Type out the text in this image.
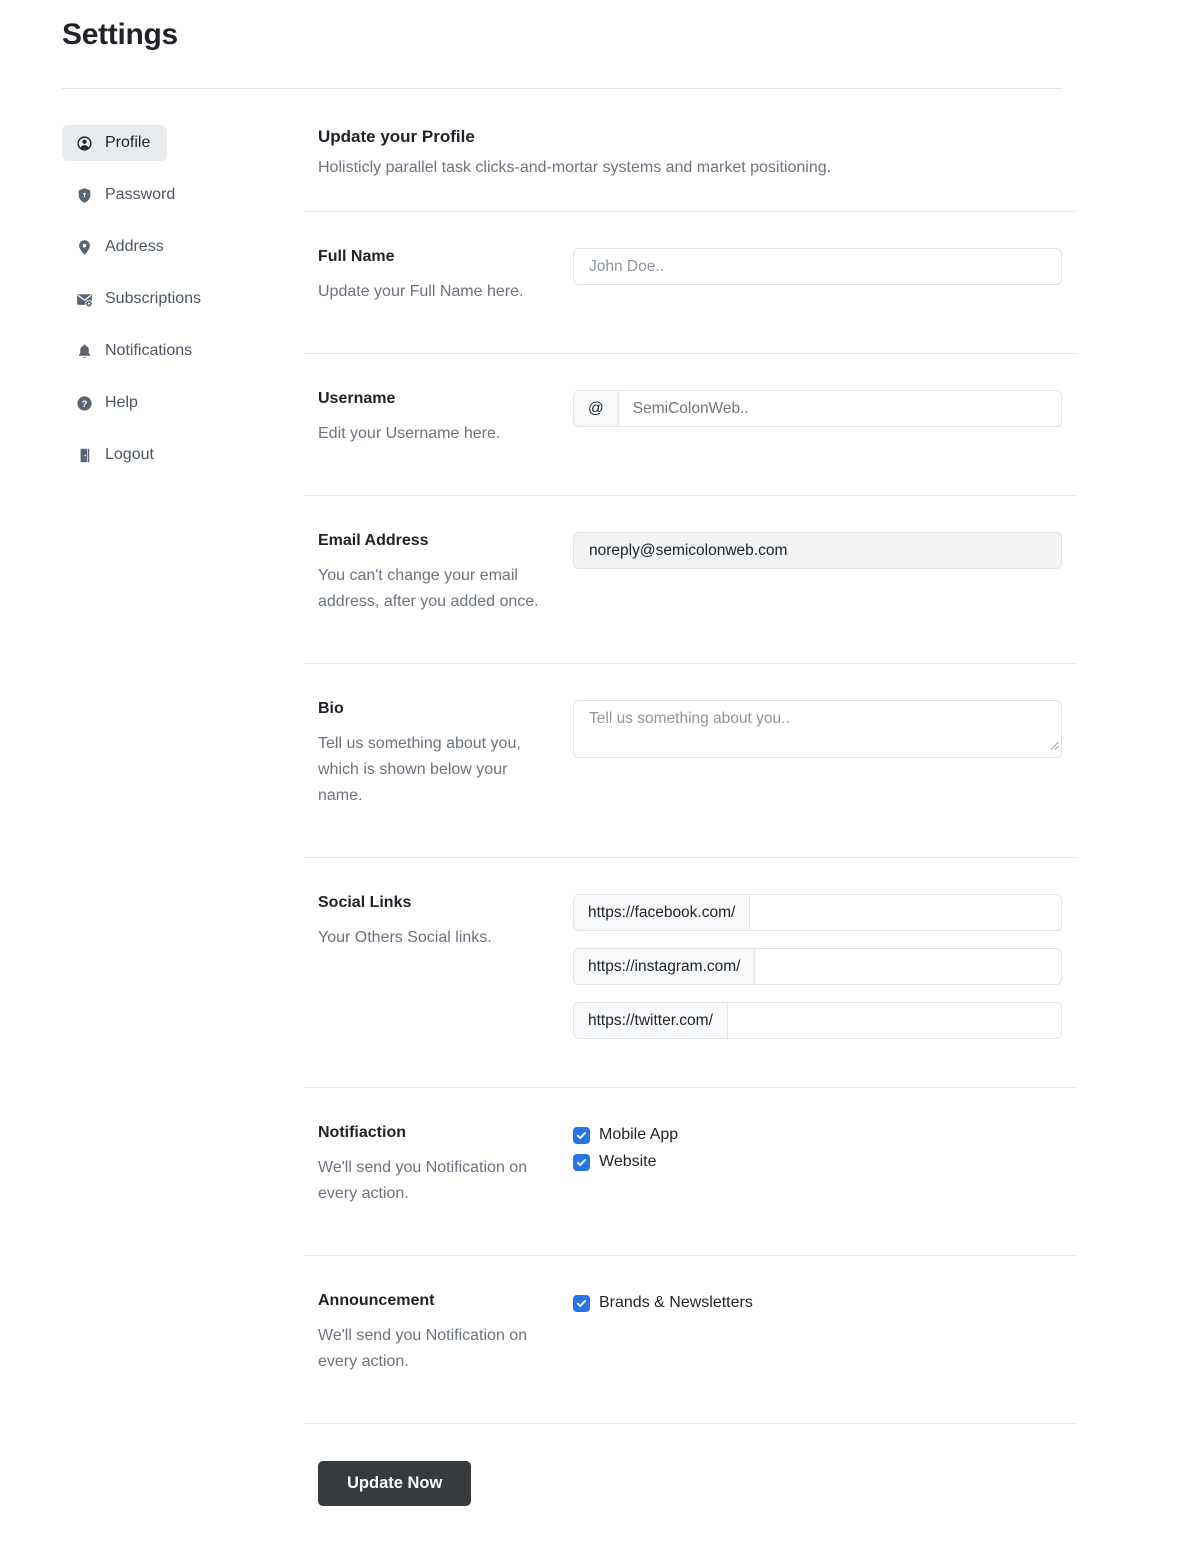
Settings
Profile
Password
Address
Subscriptions
Notifications
? Help
Logout
Update your Profile
Holisticly parallel task clicks-and-mortar systems and market positioning.
Full Name
Update your Full Name here.
John Doe..
Username
Edit your Username here.
@
SemiColonWeb..
Email Address
You can't change your email address, after you added once.
noreply@semicolonweb.com
Bio
Tell us something about you, which is shown below your name.
Tell us something about you..
Social Links
Your Others Social links.
https://facebook.com/
https://instagram.com/
https://twitter.com/
Notifiaction
We'll send you Notification on every action.
Mobile App
Website
Announcement
We'll send you Notification on every action.
Brands & Newsletters
Update Now
